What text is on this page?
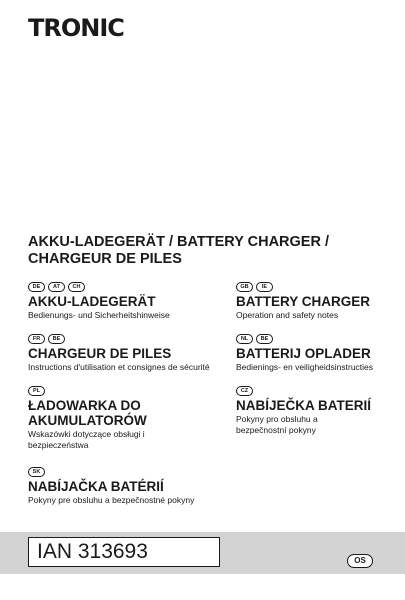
TRONIC
AKKU-LADEGERÄT / BATTERY CHARGER / CHARGEUR DE PILES
DE	AT	CH
AKKU-LADEGERÄT
Bedienungs- und Sicherheitshinweise
FR	BE
CHARGEUR DE PILES
Instructions d'utilisation et consignes de sécurité
PL
ŁADOWARKA DO AKUMULATORÓW
Wskazówki dotyczące obsługi i bezpieczeństwa
SK
NABÍJAČKA BATÉRIÍ
Pokyny pre obsluhu a bezpečnostné pokyny
GB	IE
BATTERY CHARGER
Operation and safety notes
NL	BE
BATTERIJ OPLADER
Bedienings- en veiligheidsinstructies
CZ
NABÍJEČKA BATERIÍ
Pokyny pro obsluhu a bezpečnostní pokyny
IAN 313693	OS
